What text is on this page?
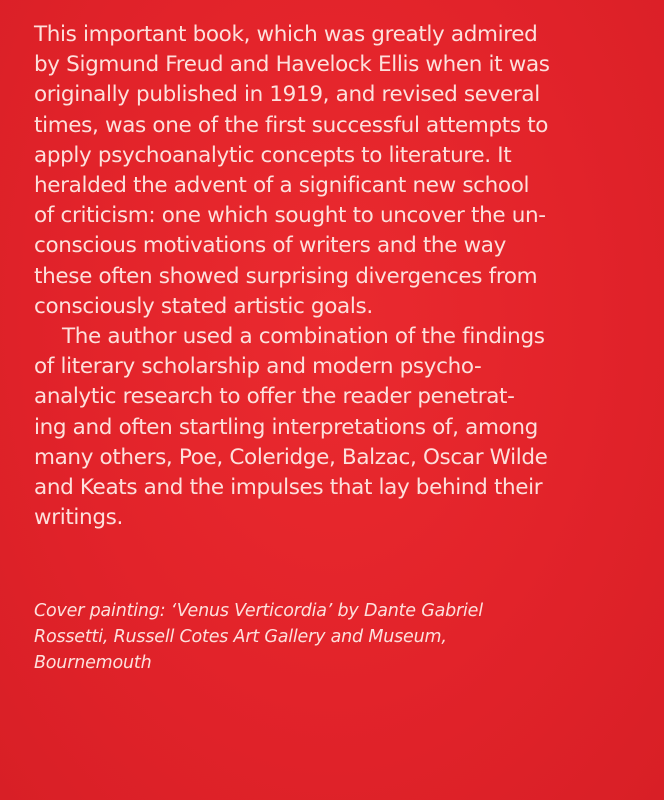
This important book, which was greatly admired
by Sigmund Freud and Havelock Ellis when it was
originally published in 1919, and revised several
times, was one of the first successful attempts to
apply psychoanalytic concepts to literature. It
heralded the advent of a significant new school
of criticism: one which sought to uncover the un-
conscious motivations of writers and the way
these often showed surprising divergences from
consciously stated artistic goals.
The author used a combination of the findings
of literary scholarship and modern psycho-
analytic research to offer the reader penetrat-
ing and often startling interpretations of, among
many others, Poe, Coleridge, Balzac, Oscar Wilde
and Keats and the impulses that lay behind their
writings.
Cover painting: ‘Venus Verticordia’ by Dante Gabriel
Rossetti, Russell Cotes Art Gallery and Museum,
Bournemouth
